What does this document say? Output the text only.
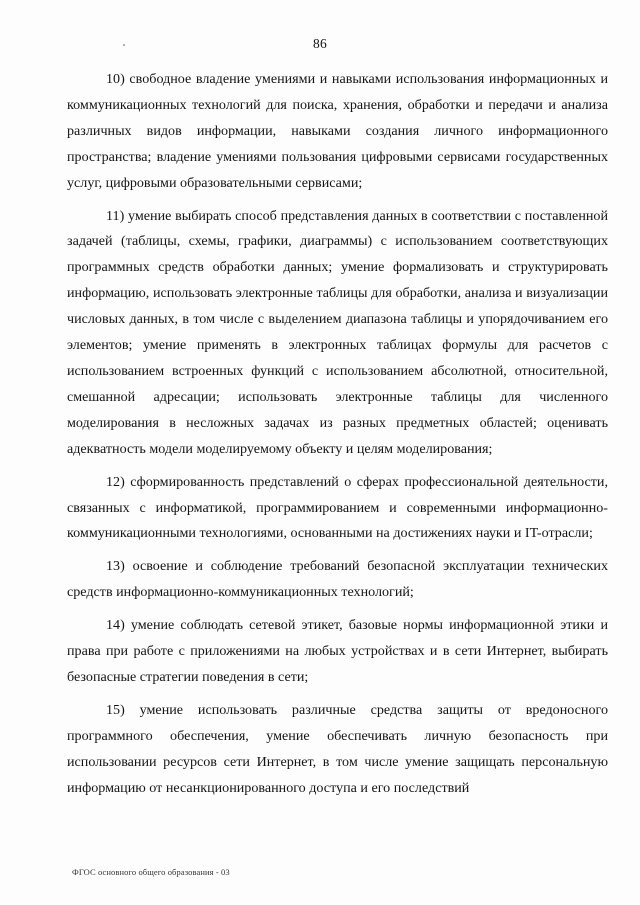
86

10) свободное владение умениями и навыками использования информационных и коммуникационных технологий для поиска, хранения, обработки и передачи и анализа различных видов информации, навыками создания личного информационного пространства; владение умениями пользования цифровыми сервисами государственных услуг, цифровыми образовательными сервисами;

11) умение выбирать способ представления данных в соответствии с поставленной задачей (таблицы, схемы, графики, диаграммы) с использованием соответствующих программных средств обработки данных; умение формализовать и структурировать информацию, использовать электронные таблицы для обработки, анализа и визуализации числовых данных, в том числе с выделением диапазона таблицы и упорядочиванием его элементов; умение применять в электронных таблицах формулы для расчетов с использованием встроенных функций с использованием абсолютной, относительной, смешанной адресации; использовать электронные таблицы для численного моделирования в несложных задачах из разных предметных областей; оценивать адекватность модели моделируемому объекту и целям моделирования;

12) сформированность представлений о сферах профессиональной деятельности, связанных с информатикой, программированием и современными информационно-коммуникационными технологиями, основанными на достижениях науки и IT-отрасли;

13) освоение и соблюдение требований безопасной эксплуатации технических средств информационно-коммуникационных технологий;

14) умение соблюдать сетевой этикет, базовые нормы информационной этики и права при работе с приложениями на любых устройствах и в сети Интернет, выбирать безопасные стратегии поведения в сети;

15) умение использовать различные средства защиты от вредоносного программного обеспечения, умение обеспечивать личную безопасность при использовании ресурсов сети Интернет, в том числе умение защищать персональную информацию от несанкционированного доступа и его последствий

ФГОС основного общего образования - 03
